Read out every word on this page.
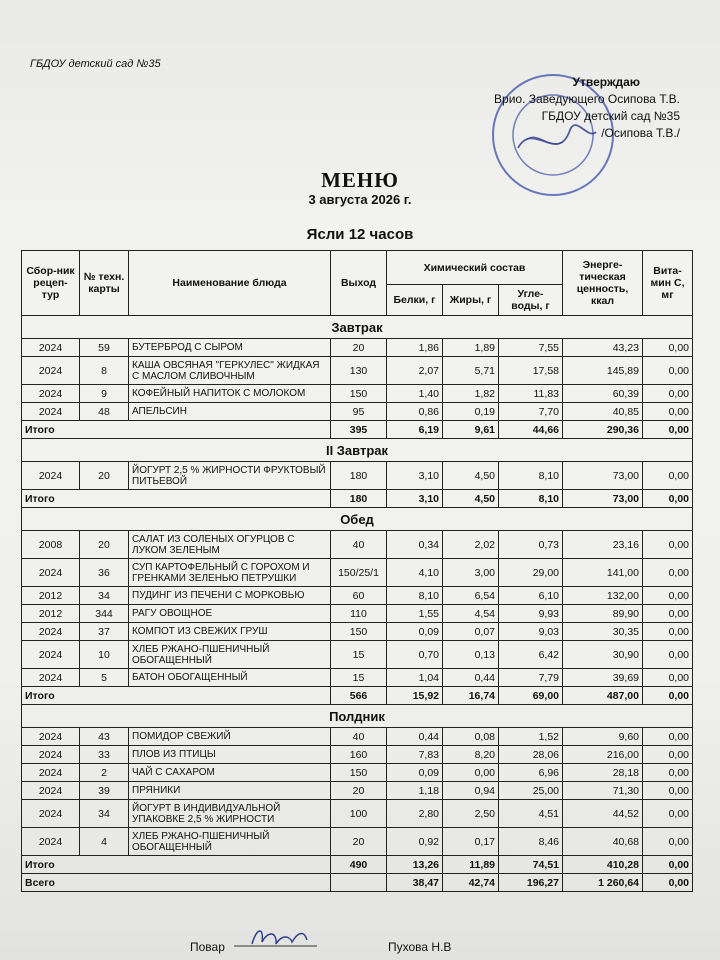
ГБДОУ детский сад №35
Утверждаю
Врио. Заведующего Осипова Т.В.
ГБДОУ детский сад №35
/Осипова Т.В./
МЕНЮ
3 августа 2026 г.
Ясли 12 часов
Сбор-ник рецеп-тур	№ техн. карты	Наименование блюда	Выход	Химический состав			Энерге-тическая ценность, ккал	Вита-мин С, мг
				Белки, г	Жиры, г	Угле-воды, г		
Завтрак								
2024	59	БУТЕРБРОД С СЫРОМ	20	1,86	1,89	7,55	43,23	0,00
2024	8	КАША ОВСЯНАЯ "ГЕРКУЛЕС" ЖИДКАЯ С МАСЛОМ СЛИВОЧНЫМ	130	2,07	5,71	17,58	145,89	0,00
2024	9	КОФЕЙНЫЙ НАПИТОК С МОЛОКОМ	150	1,40	1,82	11,83	60,39	0,00
2024	48	АПЕЛЬСИН	95	0,86	0,19	7,70	40,85	0,00
Итого			395	6,19	9,61	44,66	290,36	0,00
II Завтрак								
2024	20	ЙОГУРТ 2,5 % ЖИРНОСТИ ФРУКТОВЫЙ ПИТЬЕВОЙ	180	3,10	4,50	8,10	73,00	0,00
Итого			180	3,10	4,50	8,10	73,00	0,00
Обед								
2008	20	САЛАТ ИЗ СОЛЕНЫХ ОГУРЦОВ С ЛУКОМ ЗЕЛЕНЫМ	40	0,34	2,02	0,73	23,16	0,00
2024	36	СУП КАРТОФЕЛЬНЫЙ С ГОРОХОМ И ГРЕНКАМИ ЗЕЛЕНЬЮ ПЕТРУШКИ	150/25/1	4,10	3,00	29,00	141,00	0,00
2012	34	ПУДИНГ ИЗ ПЕЧЕНИ С МОРКОВЬЮ	60	8,10	6,54	6,10	132,00	0,00
2012	344	РАГУ ОВОЩНОЕ	110	1,55	4,54	9,93	89,90	0,00
2024	37	КОМПОТ ИЗ СВЕЖИХ ГРУШ	150	0,09	0,07	9,03	30,35	0,00
2024	10	ХЛЕБ РЖАНО-ПШЕНИЧНЫЙ ОБОГАЩЕННЫЙ	15	0,70	0,13	6,42	30,90	0,00
2024	5	БАТОН ОБОГАЩЕННЫЙ	15	1,04	0,44	7,79	39,69	0,00
Итого			566	15,92	16,74	69,00	487,00	0,00
Полдник								
2024	43	ПОМИДОР СВЕЖИЙ	40	0,44	0,08	1,52	9,60	0,00
2024	33	ПЛОВ ИЗ ПТИЦЫ	160	7,83	8,20	28,06	216,00	0,00
2024	2	ЧАЙ С САХАРОМ	150	0,09	0,00	6,96	28,18	0,00
2024	39	ПРЯНИКИ	20	1,18	0,94	25,00	71,30	0,00
2024	34	ЙОГУРТ В ИНДИВИДУАЛЬНОЙ УПАКОВКЕ 2,5 % ЖИРНОСТИ	100	2,80	2,50	4,51	44,52	0,00
2024	4	ХЛЕБ РЖАНО-ПШЕНИЧНЫЙ ОБОГАЩЕННЫЙ	20	0,92	0,17	8,46	40,68	0,00
Итого			490	13,26	11,89	74,51	410,28	0,00
Всего				38,47	42,74	196,27	1 260,64	0,00
Повар	Пухова Н.В
